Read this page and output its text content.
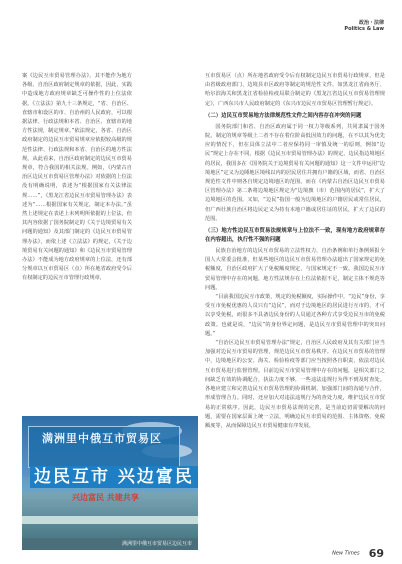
政治・法律
Politics & Law

案《边民互市贸易管理办法》，其不能作为地方各级、自治区政府制定规章的依据，因此，实践中造成地方政府规章缺乏可操作性的上位法依据。《立法法》第九十三条规定，“省、自治区、直辖市和设区的市、自治州的人民政府，可以根据法律、行政法规和本省、自治区、直辖市的地方性法规，制定规章。”依法规定，各省、自治区政府制定的边民互市贸易规章应依据较高级的规范性法律、行政法规和本省、自治区的地方性法规。从此看来，自治区政府制定的边民互市贸易规章，符合我国的相关法规。例如，《内蒙古自治区边民互市贸易区管理办法》对依据的上位法没有明确说明，表述为“根据国家有关法律法规……”，《黑龙江省边民互市贸易管理办法》表述为“……根据国家有关规定，制定本办法。”虽然上述规定在表述上未列明所依据的上位法，但其内容依据了国务院制定的《关于边境贸易有关问题的通知》及其部门制定的《边民互市贸易管理办法》，而依上述《立法法》的规定，《关于边境贸易有关问题的通知》和《边民互市贸易管理办法》不能成为地方政府规章的上位法，还有部分规章以互市贸易区（点）所在地省政府受令后有权制定的边民互市管理行政规章，

互市贸易区（点）所在地省政府受令后有权制定边民互市贸易行政规章，但是由省级政府部门、边境县市区政府等制定的规范性文件，如黑龙江省商务厅、哈尔滨海关和黑龙江省检验检疫局联合制定的《黑龙江省边民互市贸易管理规定》，广西东兴市人民政府制定的《东兴市边民互市贸易区管理暂行规定》。

（二）边民互市贸易地方法律规范性文件之间内容存在冲突的问题

国务院部门和省、自治区政府属于同一权力等级系列，共同隶属于国务院。制定的规章等级上二者不存在着位阶高低因效力的问题，在不以其为优先应的情况下，但在具体立法中二者应保持同一审慎及统一的原则，例如“边民”规定上存在不同，根据《边民互市贸易管理办法》的规定，边民指边境地区的居民，我国多在《国务院关于边境贸易有关问题的通知》这一文件中运用“边境地区”定义为边陲地区境线以内的居民居住并拥有户籍的区域，而省、自治区规范性文件中则各自规定边境地区的范围。而在《内蒙古自治区边民互市贸易区管理办法》第二条将边境地区规定为“边境旗（市）范围内的居民”，扩大了边境地区的范围。又如，“边民”指国一般为边境地区的户籍居民或常住居民，但广西壮族自治区将边民定义为持有本地户籍或居住证的居民，扩大了边民的范围。

（三）地方性边民互市贸易法规规章与上位法不一致，现有地方政府规章存在内容超出，执行性不强的问题

民族自治地方的边民互市贸易的立法性权力，自治条例和单行条例须报全国人大常委会批准，但某些地区的边民互市贸易管理办法超出了国家规定的免税额度，自治区政府扩大了免税额度规定，与国家规定不一致。我国边民互市贸易管理中存在的问题，地方性法规存在上位法依据不足，制定主体不规范等问题。

“目前我国边民互市政策，规定的免税额度，实际操作中，“边民”身份，享受互市免税优惠的人员只有“边民”，而对于边境地区的居民进行互市的，才可以享受免税，而很多不具备边民身份的人员通过各种方式享受边民互市的免税政策。也就是说，“边民”的身份界定问题，是边民互市贸易管理中的突出问题。”

“自治区边民互市贸易管理办法”规定，自治区人民政府及其有关部门应当加强对边民互市贸易的管理，规范边民互市贸易秩序。在边民互市贸易的管理中，边境地区的公安、海关、检验检疫等部门应当按照各自职责，依法对边民互市贸易进行监督管理。目前边民互市贸易管理中存在的问题，是相关部门之间缺乏有效的协调配合，执法力度不够，一些违法违规行为得不到及时查处。各地应建立和完善边民互市贸易管理的协调机制，加强部门间的沟通与合作，形成管理合力。同时，还应加大对违法违规行为的查处力度，维护边民互市贸易的正常秩序。因此，边民互市贸易法规的完善，是当前迫切需要解决的问题，需要在国家层面上统一立法，明确边民互市贸易的范围、主体资格、免税额度等，从而保障边民互市贸易健康有序发展。

满洲里中俄互市贸易区
边民互市 兴边富民
兴边富民 共建共享
满洲里中俄互市贸易区边民互市
New Times 69
